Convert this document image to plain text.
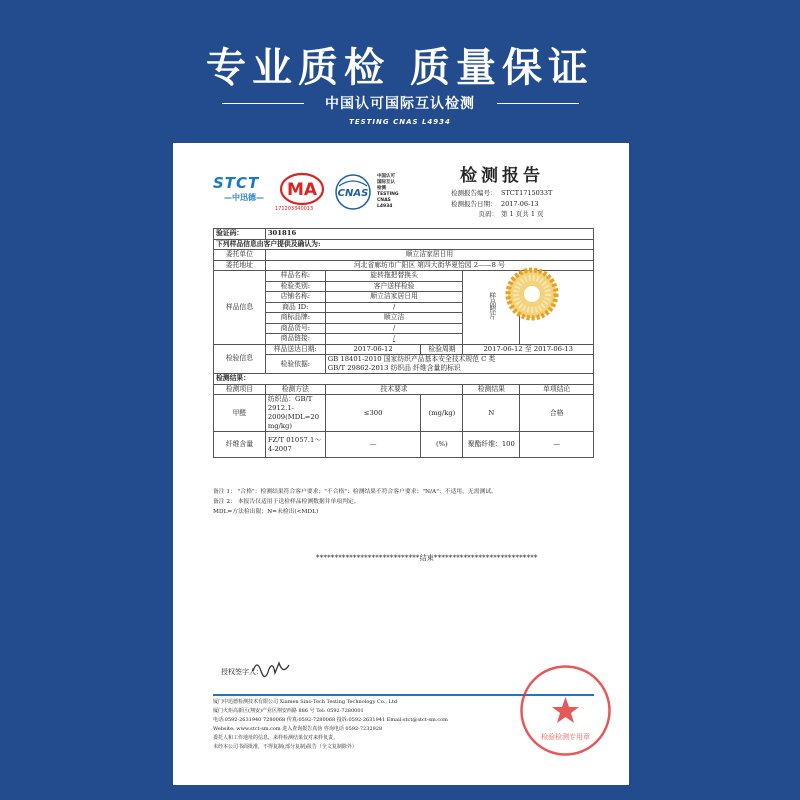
专业质检 质量保证
中国认可国际互认检测
TESTING CNAS L4934
STCT
—中迅德—	MA
171203340013
CNAS
中国认可
国际互认
检测
TESTING
CNAS L4934
检测报告
检测报告编号： STCT1715033T
检测报告日期： 2017-06-13
页码： 第 1 页共 1 页
验证码：	301816				
下列样品信息由客户提供及确认为:					
委托单位	顺立洁家居日用				
委托地址	河北省廊坊市广阳区 第四大街华夏怡园 2——8 号				
样品信息	样品名称:	旋转拖把替换头		样品照片	
	检验类别:	客户送样检验			
	店铺名称:	顺立洁家居日用			
	商品 ID:	/			
	商标品牌:	顺立洁			
	商品货号:	/			
	商品链接:	/			
检验信息	样品送达日期:	2017-06-12	检验周期	2017-06-12 至 2017-06-13	
	检验依据:	GB 18401-2010 国家纺织产品基本安全技术规范 C 类
GB/T 29862-2013 纺织品 纤维含量的标识			

检测结果：					
检测项目	检测方法	技术要求		检测结果	单项结论
甲醛	纺织品：GB/T 2912.1-2009(MDL=20 mg/kg)	≤300	(mg/kg)	N	合格
纤维含量	FZ/T 01057.1～4-2007	—	(%)	聚酯纤维：100	—
备注 1： "合格"：检测结果符合客户要求；"不合格"：检测结果不符合客户要求；"N/A"：不适用，无需测试。
备注 2： 本报告仅适用于送检样品检测数据并单项判定。
MDL=方法检出限；N=未检出(<MDL)
****************************结束****************************
授权签字人：
厦门中迅德检测技术有限公司 Xiamen Sino-Tech Testing Technology Co., Ltd
厦门火炬高新区(翔安)产业区翔安西路 886 号 Tel: 0592-7280001
电话:0592-2631940 7280068 传真:0592-7280068 投诉:0592-2631941 Email:stct@stct-sm.com
Website: www.stct-sm.com 进入查询报告真伪 咨询电话 0592-7232928
委托人和工作地址的信息，来样检测结果仅对来样负责。
未经本公司书面批准，不得复制(部分复制)报告（全文复制除外）
检验检测专用章
